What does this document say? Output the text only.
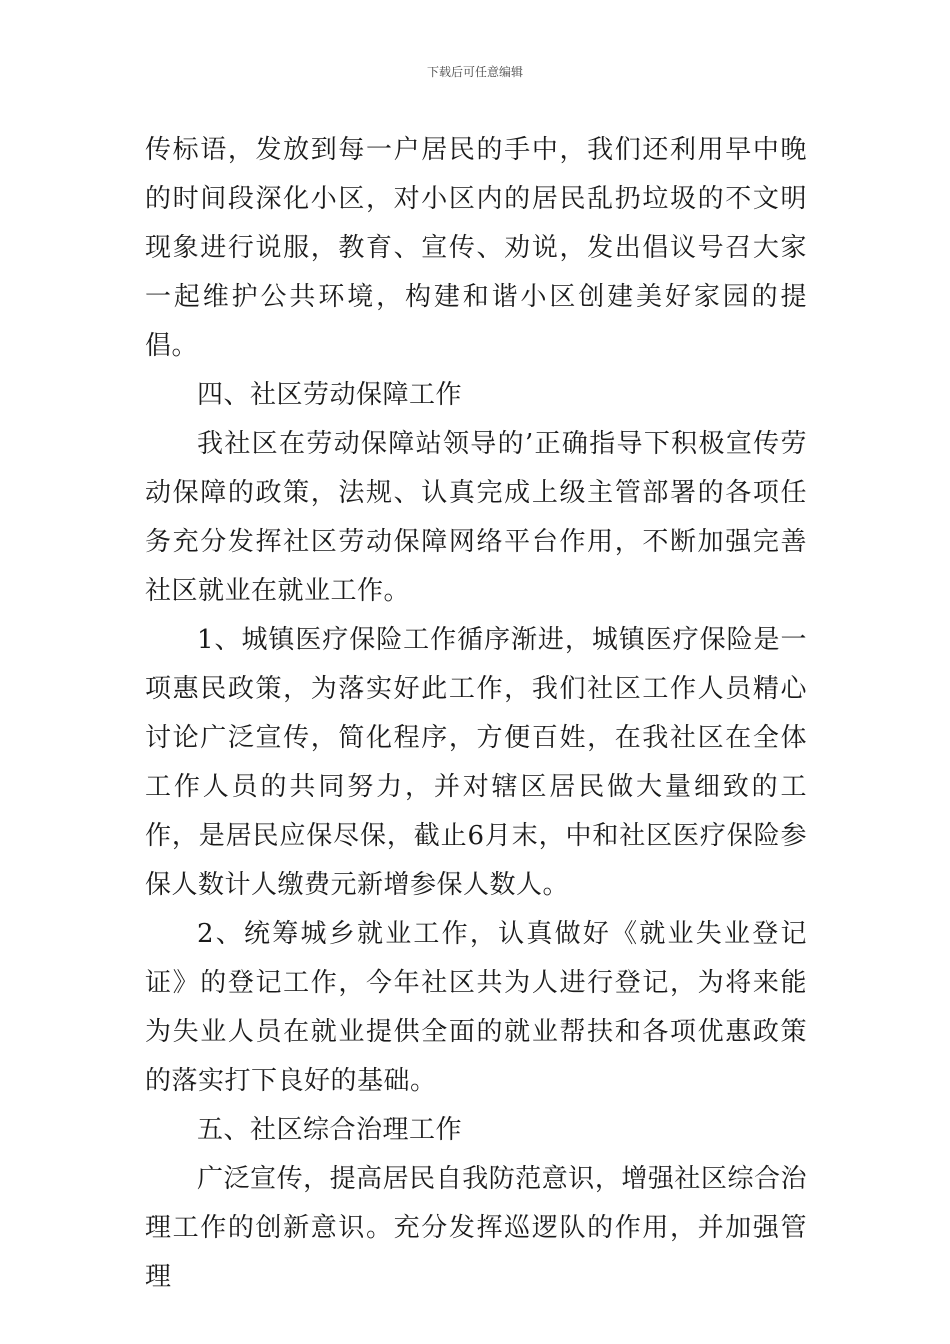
下载后可任意编辑

传标语，发放到每一户居民的手中，我们还利用早中晚的时间段深化小区，对小区内的居民乱扔垃圾的不文明现象进行说服，教育、宣传、劝说，发出倡议号召大家一起维护公共环境，构建和谐小区创建美好家园的提倡。

四、社区劳动保障工作

我社区在劳动保障站领导的’正确指导下积极宣传劳动保障的政策，法规、认真完成上级主管部署的各项任务充分发挥社区劳动保障网络平台作用，不断加强完善社区就业在就业工作。

1、城镇医疗保险工作循序渐进，城镇医疗保险是一项惠民政策，为落实好此工作，我们社区工作人员精心讨论广泛宣传，简化程序，方便百姓，在我社区在全体工作人员的共同努力，并对辖区居民做大量细致的工作，是居民应保尽保，截止6月末，中和社区医疗保险参保人数计人缴费元新增参保人数人。

2、统筹城乡就业工作，认真做好《就业失业登记证》的登记工作，今年社区共为人进行登记，为将来能为失业人员在就业提供全面的就业帮扶和各项优惠政策的落实打下良好的基础。

五、社区综合治理工作

广泛宣传，提高居民自我防范意识，增强社区综合治理工作的创新意识。充分发挥巡逻队的作用，并加强管理
